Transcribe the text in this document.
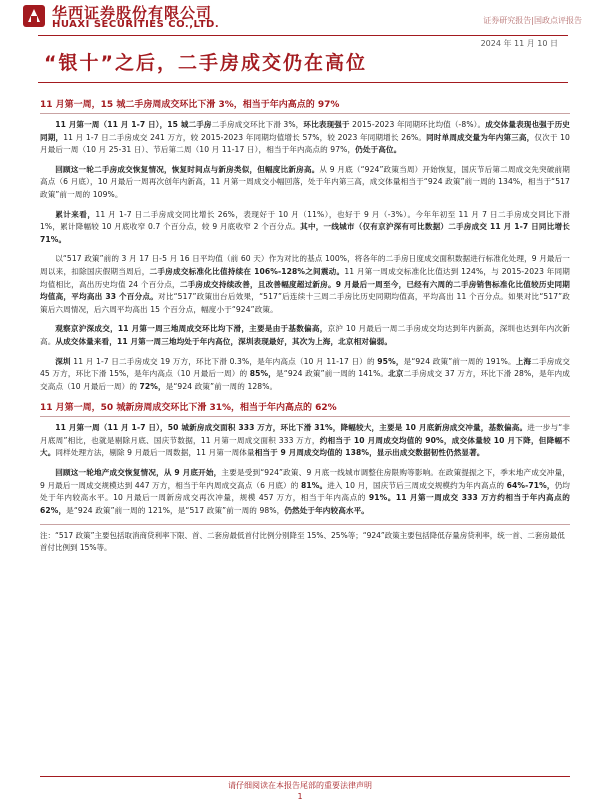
华西证券股份有限公司
HUAXI SECURITIES CO.,LTD.	证券研究报告|国政点评报告
2024 年 11 月 10 日
“银十”之后，二手房成交仍在高位
11 月第一周，15 城二手房周成交环比下滑 3%，相当于年内高点的 97%

11 月第一周（11 月 1-7 日），15 城二手房二手房成交环比下滑 3%，环比表现强于 2015-2023 年同期环比均值（-8%）。成交体量表现也强于历史同期，11 月 1-7 日二手房成交 241 万方，较 2015-2023 年同期均值增长 57%，较 2023 年同期增长 26%。同时单周成交量为年内第三高，仅次于 10 月最后一周（10 月 25-31 日）、节后第二周（10 月 11-17 日），相当于年内高点的 97%，仍处于高位。

回顾这一轮二手房成交恢复情况，恢复时间点与新房类似，但幅度比新房高。从 9 月底（“924”政策当周）开始恢复，国庆节后第二周成交先突破前期高点（6 月底），10 月最后一周再次创年内新高，11 月第一周成交小幅回落，处于年内第三高，成交体量相当于“924 政策”前一周的 134%，相当于“517 政策”前一周的 109%。

累计来看，11 月 1-7 日二手房成交同比增长 26%，表现好于 10 月（11%），也好于 9 月（-3%）。今年年初至 11 月 7 日二手房成交同比下滑 1%，累计降幅较 10 月底收窄 0.7 个百分点，较 9 月底收窄 2 个百分点。其中，一线城市（仅有京沪深有可比数据）二手房成交 11 月 1-7 日同比增长 71%。

以“517 政策”前的 3 月 17 日-5 月 16 日平均值（前 60 天）作为对比的基点 100%，将各年的二手房日度成交面积数据进行标准化处理，9 月最后一周以来，扣除国庆假期当周后，二手房成交标准化比值持续在 106%-128%之间震动。11 月第一周成交标准化比值达到 124%，与 2015-2023 年同期均值相比，高出历史均值 24 个百分点，二手房成交持续改善，且改善幅度超过新房。9 月最后一周至今，已经有六周的二手房销售标准化比值较历史同期均值高，平均高出 33 个百分点。对比“517”政策出台后效果，“517”后连续十三周二手房比历史同期均值高，平均高出 11 个百分点。如果对比“517”政策后六周情况，后六周平均高出 15 个百分点，幅度小于“924”政策。

观察京沪深成交，11 月第一周三地周成交环比均下滑，主要是由于基数偏高，京沪 10 月最后一周二手房成交均达到年内新高，深圳也达到年内次新高。从成交体量来看，11 月第一周三地均处于年内高位，深圳表现最好，其次为上海，北京相对偏弱。

深圳 11 月 1-7 日二手房成交 19 万方，环比下滑 0.3%，是年内高点（10 月 11-17 日）的 95%，是“924 政策”前一周的 191%。上海二手房成交 45 万方，环比下滑 15%，是年内高点（10 月最后一周）的 85%，是“924 政策”前一周的 141%。北京二手房成交 37 万方，环比下滑 28%，是年内成交高点（10 月最后一周）的 72%，是“924 政策”前一周的 128%。

11 月第一周，50 城新房周成交环比下滑 31%，相当于年内高点的 62%

11 月第一周（11 月 1-7 日），50 城新房成交面积 333 万方，环比下滑 31%，降幅较大，主要是 10 月底新房成交冲量，基数偏高。进一步与“非月底周”相比，也就是剔除月底、国庆节数据，11 月第一周成交面积 333 万方，约相当于 10 月周成交均值的 90%，成交体量较 10 月下降，但降幅不大。同样处理方法，剔除 9 月最后一周数据，11 月第一周体量相当于 9 月周成交均值的 138%，显示出成交数据韧性仍然显著。

回顾这一轮地产成交恢复情况，从 9 月底开始，主要是受到“924”政策、9 月底一线城市调整住房限购等影响。在政策提振之下，季末地产成交冲量，9 月最后一周成交规模达到 447 万方，相当于年内周成交高点（6 月底）的 81%。进入 10 月，国庆节后三周成交规模约为年内高点的 64%-71%，仍均处于年内较高水平。10 月最后一周新房成交再次冲量，规模 457 万方，相当于年内高点的 91%。11 月第一周成交 333 万方约相当于年内高点的 62%，是“924 政策”前一周的 121%，是“517 政策”前一周的 98%，仍然处于年内较高水平。

注：“517 政策”主要包括取消商贷利率下限、首、二套房最低首付比例分别降至 15%、25%等；“924”政策主要包括降低存量房贷利率，统一首、二套房最低首付比例到 15%等。
请仔细阅读在本报告尾部的重要法律声明
1
